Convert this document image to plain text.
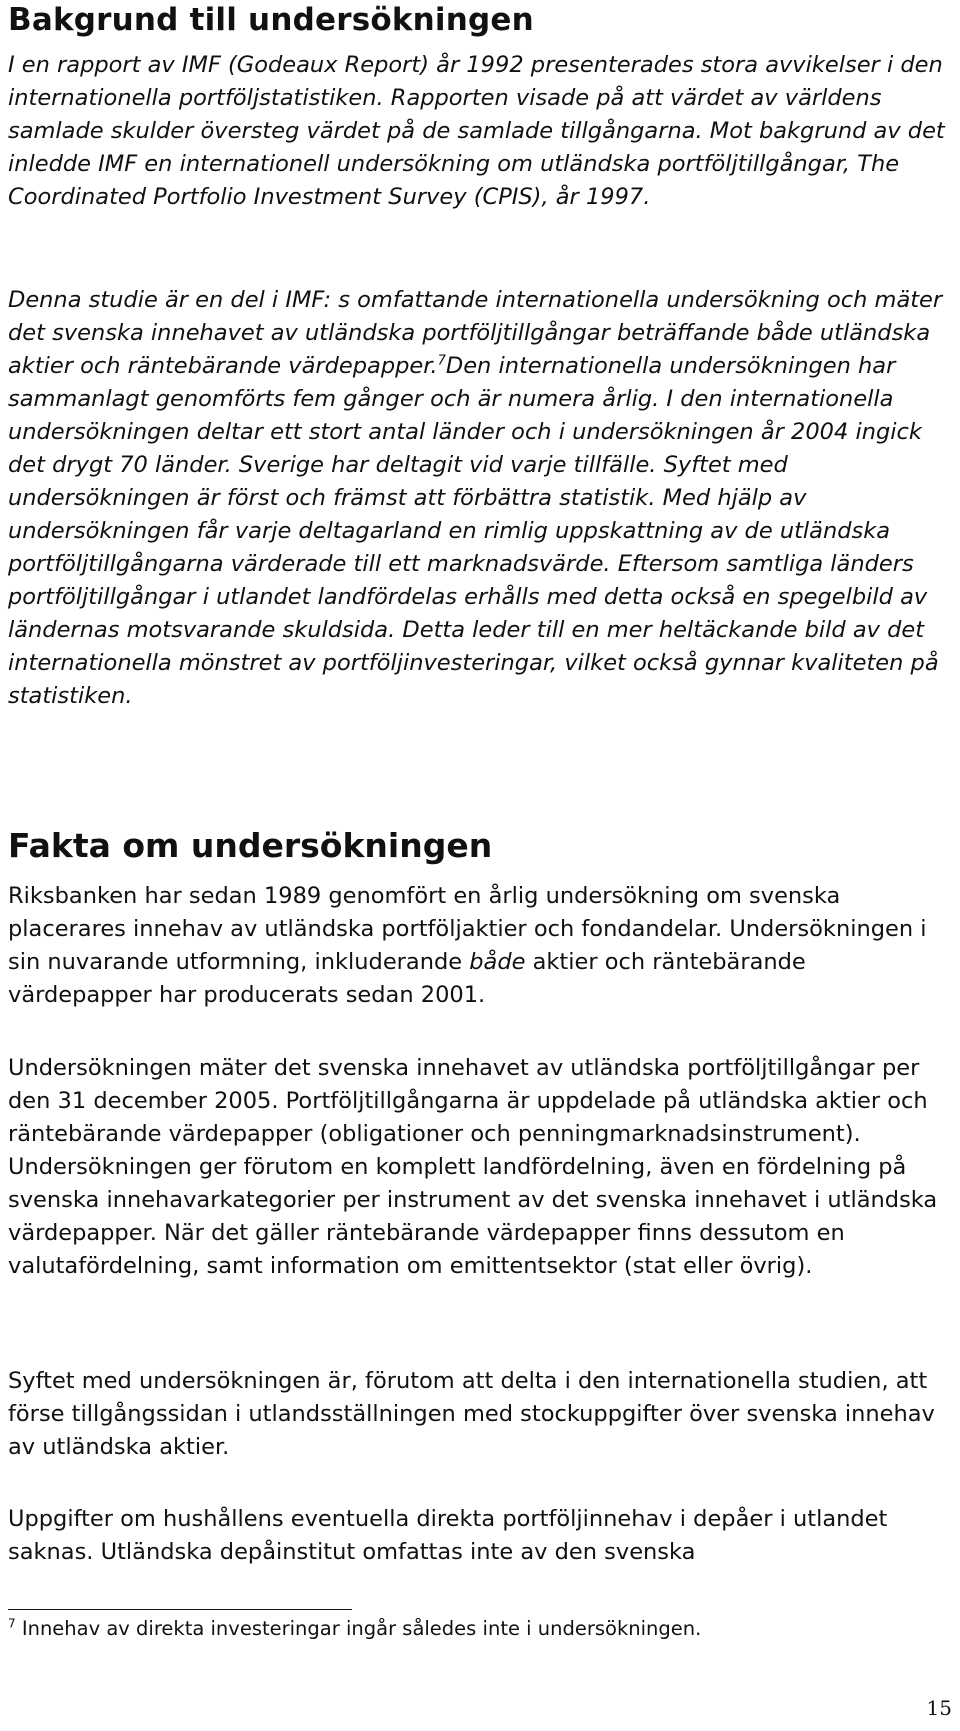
Bakgrund till undersökningen

I en rapport av IMF (Godeaux Report) år 1992 presenterades stora avvikelser i den internationella portföljstatistiken. Rapporten visade på att värdet av världens samlade skulder översteg värdet på de samlade tillgångarna. Mot bakgrund av det inledde IMF en internationell undersökning om utländska portföljtillgångar, The Coordinated Portfolio Investment Survey (CPIS), år 1997.

Denna studie är en del i IMF: s omfattande internationella undersökning och mäter det svenska innehavet av utländska portföljtillgångar beträffande både utländska aktier och räntebärande värdepapper.$^7$Den internationella undersökningen har sammanlagt genomförts fem gånger och är numera årlig. I den internationella undersökningen deltar ett stort antal länder och i undersökningen år 2004 ingick det drygt 70 länder. Sverige har deltagit vid varje tillfälle. Syftet med undersökningen är först och främst att förbättra statistik. Med hjälp av undersökningen får varje deltagarland en rimlig uppskattning av de utländska portföljtillgångarna värderade till ett marknadsvärde. Eftersom samtliga länders portföljtillgångar i utlandet landfördelas erhålls med detta också en spegelbild av ländernas motsvarande skuldsida. Detta leder till en mer heltäckande bild av det internationella mönstret av portföljinvesteringar, vilket också gynnar kvaliteten på statistiken.

Fakta om undersökningen

Riksbanken har sedan 1989 genomfört en årlig undersökning om svenska placerares innehav av utländska portföljaktier och fondandelar. Undersökningen i sin nuvarande utformning, inkluderande både aktier och räntebärande värdepapper har producerats sedan 2001.

Undersökningen mäter det svenska innehavet av utländska portföljtillgångar per den 31 december 2005. Portföljtillgångarna är uppdelade på utländska aktier och räntebärande värdepapper (obligationer och penningmarknadsinstrument). Undersökningen ger förutom en komplett landfördelning, även en fördelning på svenska innehavarkategorier per instrument av det svenska innehavet i utländska värdepapper. När det gäller räntebärande värdepapper finns dessutom en valutafördelning, samt information om emittentsektor (stat eller övrig).

Syftet med undersökningen är, förutom att delta i den internationella studien, att förse tillgångssidan i utlandsställningen med stockuppgifter över svenska innehav av utländska aktier.

Uppgifter om hushållens eventuella direkta portföljinnehav i depåer i utlandet saknas. Utländska depåinstitut omfattas inte av den svenska

$^7$ Innehav av direkta investeringar ingår således inte i undersökningen.

15
